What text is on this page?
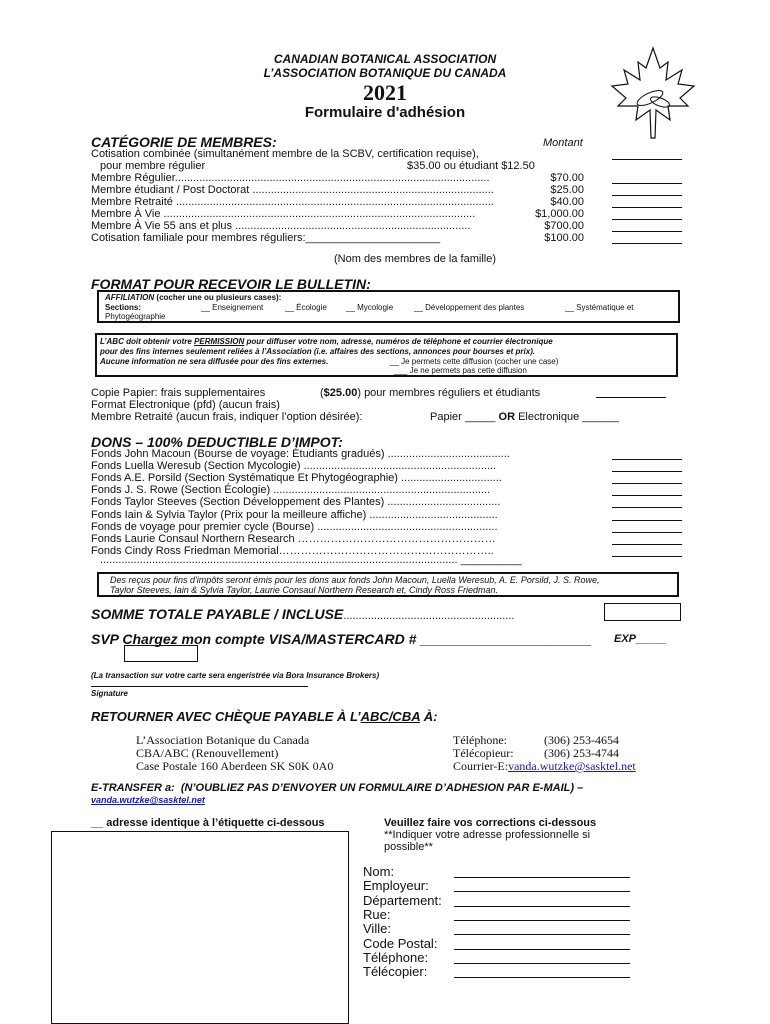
CANADIAN BOTANICAL ASSOCIATION
L’ASSOCIATION BOTANIQUE DU CANADA
2021
Formulaire d'adhésion
CATÉGORIE DE MEMBRES:	Montant
Cotisation combinée (simultanément membre de la SCBV, certification requise),
pour membre régulier	$35.00 ou étudiant $12.50
Membre Régulier.......................................................................................................	$70.00
Membre étudiant / Post Doctorat ...............................................................................	$25.00
Membre Retraité ........................................................................................................	$40.00
Membre À Vie ......................................................................................................	$1,000.00
Membre À Vie 55 ans et plus .............................................................................	$700.00
Cotisation familiale pour membres réguliers:______________________	$100.00
(Nom des membres de la famille)
FORMAT POUR RECEVOIR LE BULLETIN:
AFFILIATION (cocher une ou plusieurs cases):
Sections:	__ Enseignement	__ Écologie __ Mycologie	__ Développement des plantes	__ Systématique et
Phytogéographie
L’ABC doit obtenir votre PERMISSION pour diffuser votre nom, adresse, numéros de téléphone et courrier électronique
pour des fins internes seulement reliées à l’Association (i.e. affaires des sections, annonces pour bourses et prix).
Aucune information ne sera diffusée pour des fins externes.	__ Je permets cette diffusion (cocher une case)
___ Je ne permets pas cette diffusion
Copie Papier: frais supplementaires	($25.00) pour membres réguliers et étudiants
Format Electronique (pfd) (aucun frais)
Membre Retraité (aucun frais, indiquer l’option désirée):	Papier _____ OR Electronique ______
DONS – 100% DEDUCTIBLE D’IMPOT:
Fonds John Macoun (Bourse de voyage: Étudiants gradués) ........................................
Fonds Luella Weresub (Section Mycologie) ...............................................................
Fonds A.E. Porsild (Section Systématique Et Phytogéographie) .................................
Fonds J. S. Rowe (Section Écologie) .......................................................................
Fonds Taylor Steeves (Section Développement des Plantes) .....................................
Fonds Iain & Sylvia Taylor (Prix pour la meilleure affiche) ..........................................
Fonds de voyage pour premier cycle (Bourse) ...........................................................
Fonds Laurie Consaul Northern Research ………………………………………………
Fonds Cindy Ross Friedman Memorial…………………………………………………..
..................................................................................................................... __________
Des reçus pour fins d'impôts seront émis pour les dons aux fonds John Macoun, Luella Weresub, A. E. Porsild, J. S. Rowe,
Taylor Steeves, Iain & Sylvia Taylor, Laurie Consaul Northern Research et, Cindy Ross Friedman.
SOMME TOTALE PAYABLE / INCLUSE........................................................
SVP Chargez mon compte VISA/MASTERCARD # ______________________ EXP_____
(La transaction sur votre carte sera engeristrée via Bora Insurance Brokers)
Signature
RETOURNER AVEC CHÈQUE PAYABLE À L’ABC/CBA À:
L’Association Botanique du Canada
CBA/ABC (Renouvellement)
Case Postale 160 Aberdeen SK S0K 0A0
Téléphone:	(306) 253-4654
Télécopieur:	(306) 253-4744
Courrier-E:vanda.wutzke@sasktel.net
E-TRANSFER a: (N’OUBLIEZ PAS D’ENVOYER UN FORMULAIRE D’ADHESION PAR E-MAIL) –
vanda.wutzke@sasktel.net
__ adresse identique à l’étiquette ci-dessous	Veuillez faire vos corrections ci-dessous
**Indiquer votre adresse professionnelle si
possible**
Nom:
Employeur:
Département:
Rue:
Ville:
Code Postal:
Téléphone:
Télécopier:
